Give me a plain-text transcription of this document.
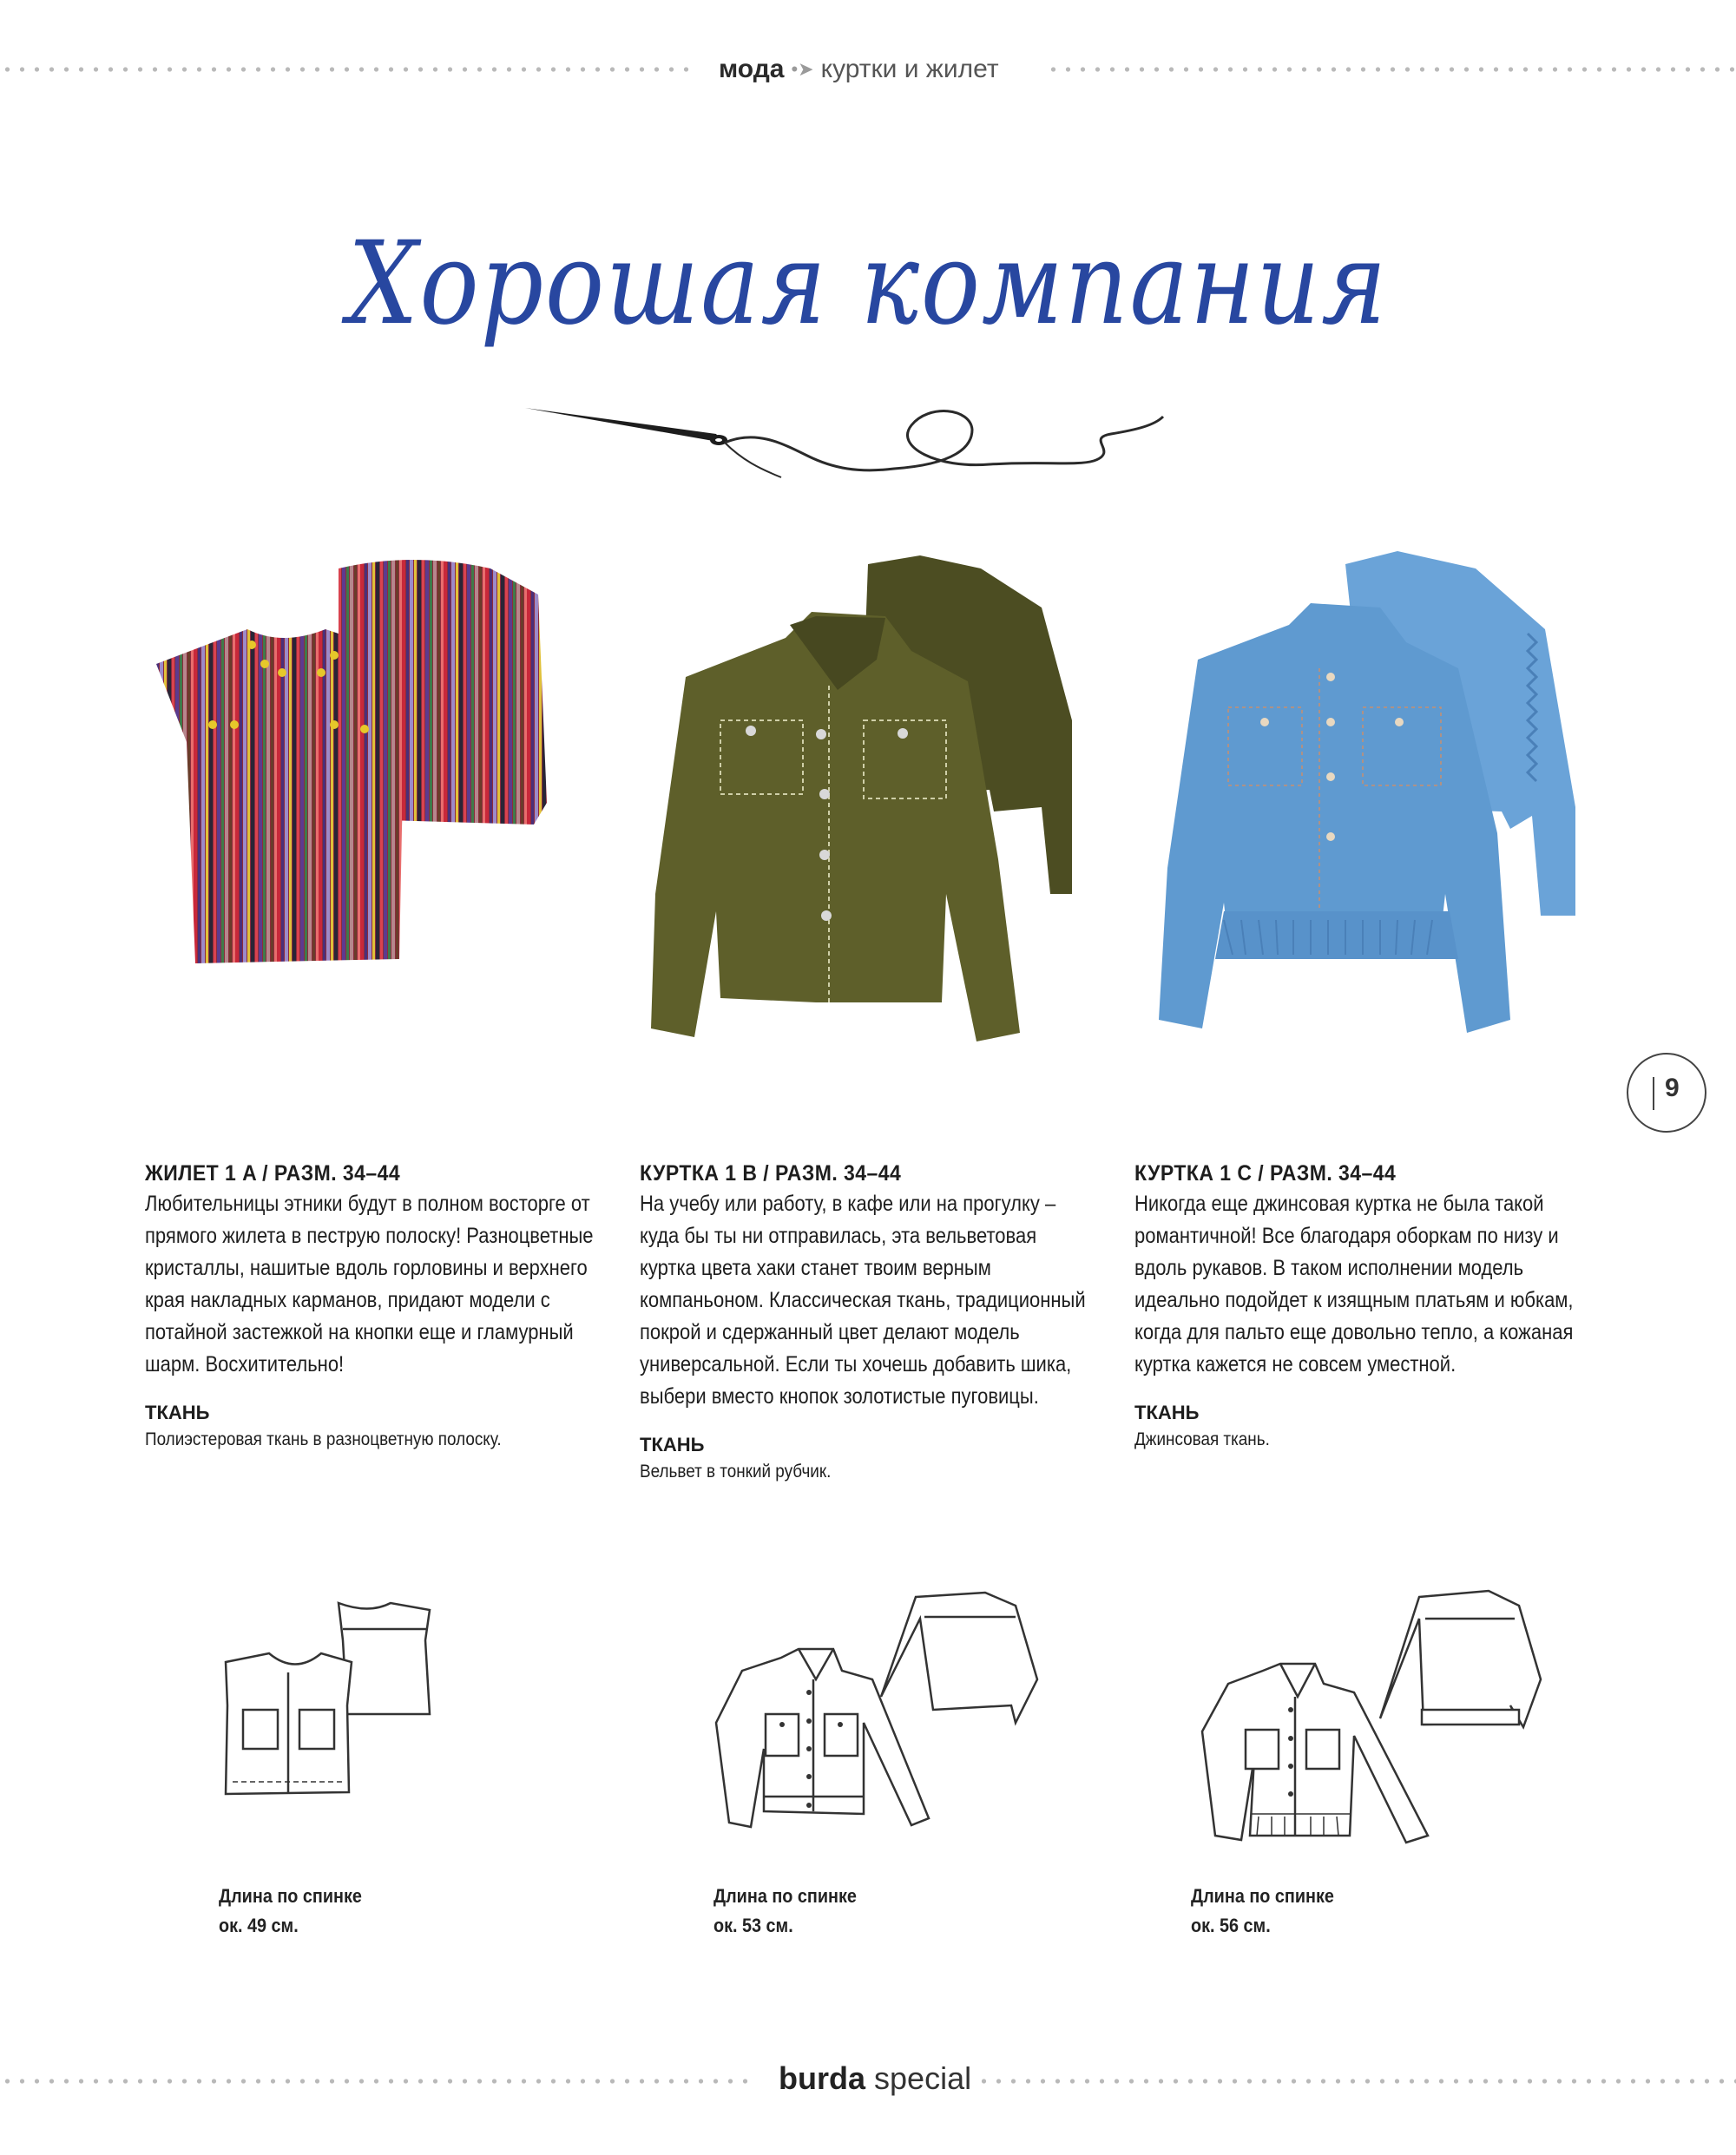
мода •➤ куртки и жилет
Хорошая компания
9
ЖИЛЕТ 1 A / РАЗМ. 34–44

Любительницы этники будут в полном восторге от прямого жилета в пеструю полоску! Разноцветные кристаллы, нашитые вдоль горловины и верхнего края накладных карманов, придают модели с потайной застежкой на кнопки еще и гламурный шарм. Восхитительно!

ТКАНЬ
Полиэстеровая ткань в разноцветную полоску.
КУРТКА 1 B / РАЗМ. 34–44

На учебу или работу, в кафе или на прогулку – куда бы ты ни отправилась, эта вельветовая куртка цвета хаки станет твоим верным компаньоном. Классическая ткань, традиционный покрой и сдержанный цвет делают модель универсальной. Если ты хочешь добавить шика, выбери вместо кнопок золотистые пуговицы.

ТКАНЬ
Вельвет в тонкий рубчик.
КУРТКА 1 C / РАЗМ. 34–44

Никогда еще джинсовая куртка не была такой романтичной! Все благодаря оборкам по низу и вдоль рукавов. В таком исполнении модель идеально подойдет к изящным платьям и юбкам, когда для пальто еще довольно тепло, а кожаная куртка кажется не совсем уместной.

ТКАНЬ
Джинсовая ткань.
Длина по спинке
ок. 49 см.
Длина по спинке
ок. 53 см.
Длина по спинке
ок. 56 см.
burda special
